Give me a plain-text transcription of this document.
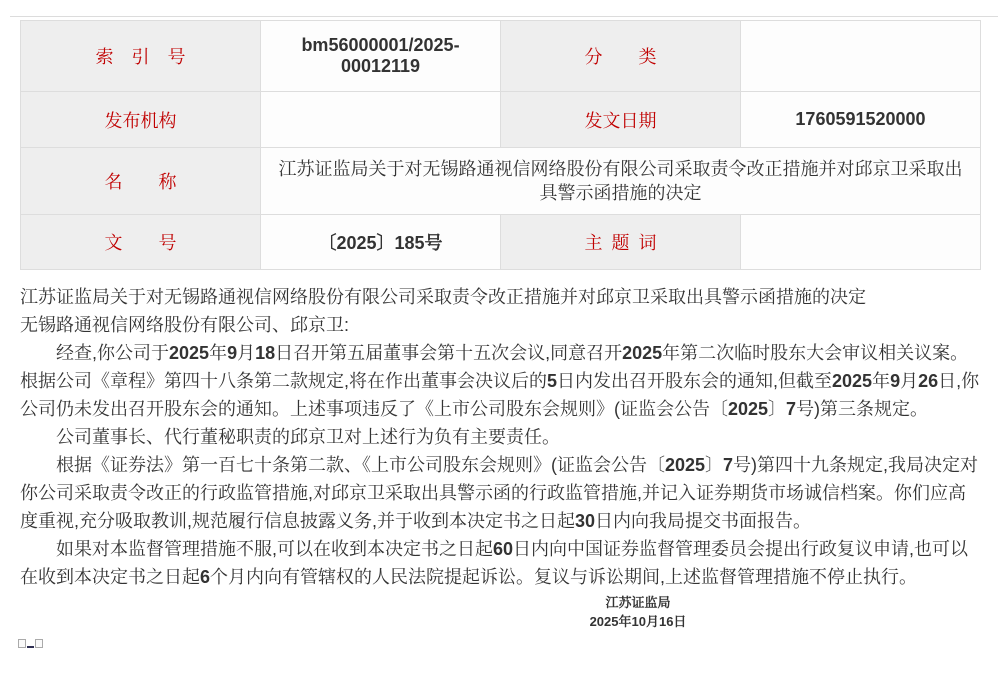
索　引　号	bm56000001/2025-00012119	分　　类	
发布机构		发文日期	1760591520000
名　　称	江苏证监局关于对无锡路通视信网络股份有限公司采取责令改正措施并对邱京卫采取出具警示函措施的决定		
文　　号	〔2025〕185号	主 题 词	

江苏证监局关于对无锡路通视信网络股份有限公司采取责令改正措施并对邱京卫采取出具警示函措施的决定

无锡路通视信网络股份有限公司、邱京卫:

经查,你公司于2025年9月18日召开第五届董事会第十五次会议,同意召开2025年第二次临时股东大会审议相关议案。根据公司《章程》第四十八条第二款规定,将在作出董事会决议后的5日内发出召开股东会的通知,但截至2025年9月26日,你公司仍未发出召开股东会的通知。上述事项违反了《上市公司股东会规则》(证监会公告〔2025〕7号)第三条规定。

公司董事长、代行董秘职责的邱京卫对上述行为负有主要责任。

根据《证券法》第一百七十条第二款、《上市公司股东会规则》(证监会公告〔2025〕7号)第四十九条规定,我局决定对你公司采取责令改正的行政监管措施,对邱京卫采取出具警示函的行政监管措施,并记入证券期货市场诚信档案。你们应高度重视,充分吸取教训,规范履行信息披露义务,并于收到本决定书之日起30日内向我局提交书面报告。

如果对本监督管理措施不服,可以在收到本决定书之日起60日内向中国证券监督管理委员会提出行政复议申请,也可以在收到本决定书之日起6个月内向有管辖权的人民法院提起诉讼。复议与诉讼期间,上述监督管理措施不停止执行。

江苏证监局
2025年10月16日
